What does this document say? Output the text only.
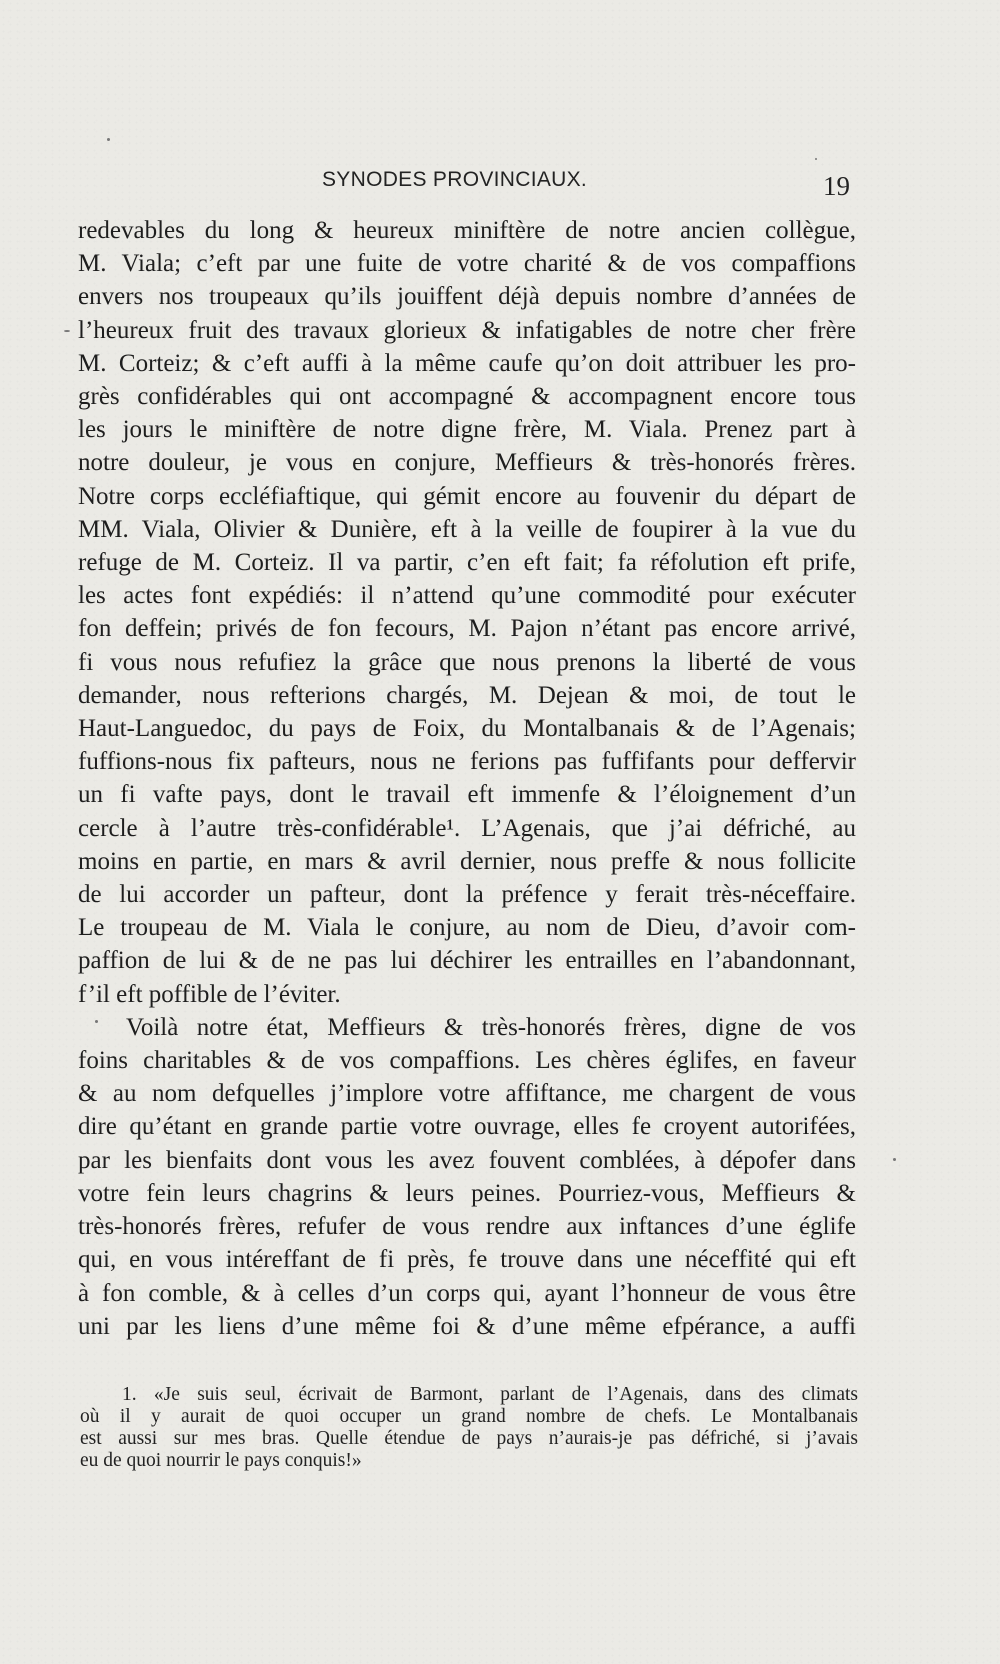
SYNODES PROVINCIAUX.	19
redevables du long & heureux miniftère de notre ancien collègue,
M. Viala; c’eft par une fuite de votre charité & de vos compaffions
envers nos troupeaux qu’ils jouiffent déjà depuis nombre d’années de
l’heureux fruit des travaux glorieux & infatigables de notre cher frère
M. Corteiz; & c’eft auffi à la même caufe qu’on doit attribuer les pro-
grès confidérables qui ont accompagné & accompagnent encore tous
les jours le miniftère de notre digne frère, M. Viala. Prenez part à
notre douleur, je vous en conjure, Meffieurs & très-honorés frères.
Notre corps eccléfiaftique, qui gémit encore au fouvenir du départ de
MM. Viala, Olivier & Dunière, eft à la veille de foupirer à la vue du
refuge de M. Corteiz. Il va partir, c’en eft fait; fa réfolution eft prife,
les actes font expédiés: il n’attend qu’une commodité pour exécuter
fon deffein; privés de fon fecours, M. Pajon n’étant pas encore arrivé,
fi vous nous refufiez la grâce que nous prenons la liberté de vous
demander, nous refterions chargés, M. Dejean & moi, de tout le
Haut-Languedoc, du pays de Foix, du Montalbanais & de l’Agenais;
fuffions-nous fix pafteurs, nous ne ferions pas fuffifants pour deffervir
un fi vafte pays, dont le travail eft immenfe & l’éloignement d’un
cercle à l’autre très-confidérable¹. L’Agenais, que j’ai défriché, au
moins en partie, en mars & avril dernier, nous preffe & nous follicite
de lui accorder un pafteur, dont la préfence y ferait très-néceffaire.
Le troupeau de M. Viala le conjure, au nom de Dieu, d’avoir com-
paffion de lui & de ne pas lui déchirer les entrailles en l’abandonnant,
f’il eft poffible de l’éviter.
Voilà notre état, Meffieurs & très-honorés frères, digne de vos
foins charitables & de vos compaffions. Les chères églifes, en faveur
& au nom defquelles j’implore votre affiftance, me chargent de vous
dire qu’étant en grande partie votre ouvrage, elles fe croyent autorifées,
par les bienfaits dont vous les avez fouvent comblées, à dépofer dans
votre fein leurs chagrins & leurs peines. Pourriez-vous, Meffieurs &
très-honorés frères, refufer de vous rendre aux inftances d’une églife
qui, en vous intéreffant de fi près, fe trouve dans une néceffité qui eft
à fon comble, & à celles d’un corps qui, ayant l’honneur de vous être
uni par les liens d’une même foi & d’une même efpérance, a auffi
1. «Je suis seul, écrivait de Barmont, parlant de l’Agenais, dans des climats
où il y aurait de quoi occuper un grand nombre de chefs. Le Montalbanais
est aussi sur mes bras. Quelle étendue de pays n’aurais-je pas défriché, si j’avais
eu de quoi nourrir le pays conquis!»
